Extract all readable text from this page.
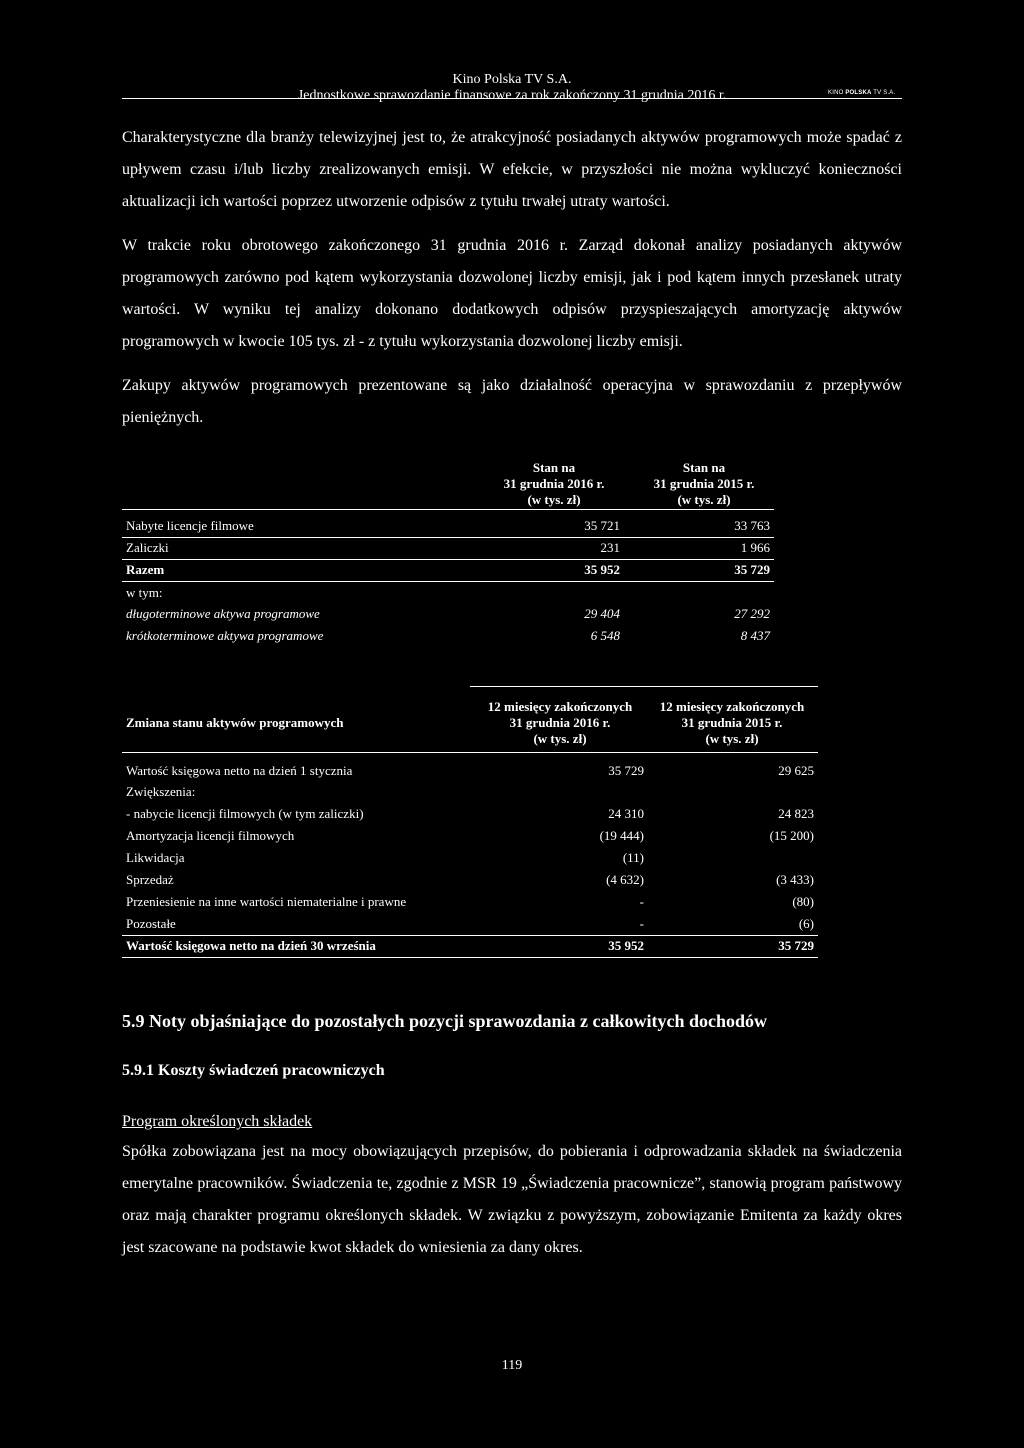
Kino Polska TV S.A.
Jednostkowe sprawozdanie finansowe za rok zakończony 31 grudnia 2016 r.	KINO POLSKA TV S.A.
Charakterystyczne dla branży telewizyjnej jest to, że atrakcyjność posiadanych aktywów programowych może spadać z upływem czasu i/lub liczby zrealizowanych emisji. W efekcie, w przyszłości nie można wykluczyć konieczności aktualizacji ich wartości poprzez utworzenie odpisów z tytułu trwałej utraty wartości.
W trakcie roku obrotowego zakończonego 31 grudnia 2016 r. Zarząd dokonał analizy posiadanych aktywów programowych zarówno pod kątem wykorzystania dozwolonej liczby emisji, jak i pod kątem innych przesłanek utraty wartości. W wyniku tej analizy dokonano dodatkowych odpisów przyspieszających amortyzację aktywów programowych w kwocie 105 tys. zł - z tytułu wykorzystania dozwolonej liczby emisji.
Zakupy aktywów programowych prezentowane są jako działalność operacyjna w sprawozdaniu z przepływów pieniężnych.
Stan na
31 grudnia 2016 r.
(w tys. zł)
Stan na
31 grudnia 2015 r.
(w tys. zł)
Nabyte licencje filmowe	35 721	33 763
Zaliczki	231	1 966
Razem	35 952	35 729
w tym:
długoterminowe aktywa programowe	29 404	27 292
krótkoterminowe aktywa programowe	6 548	8 437
12 miesięcy zakończonych
31 grudnia 2016 r.
(w tys. zł)
12 miesięcy zakończonych
31 grudnia 2015 r.
(w tys. zł)
Zmiana stanu aktywów programowych
Wartość księgowa netto na dzień 1 stycznia	35 729	29 625
Zwiększenia:
- nabycie licencji filmowych (w tym zaliczki)	24 310	24 823
Amortyzacja licencji filmowych	(19 444)	(15 200)
Likwidacja	(11)
Sprzedaż	(4 632)	(3 433)
Przeniesienie na inne wartości niematerialne i prawne	-	(80)
Pozostałe	-	(6)
Wartość księgowa netto na dzień 30 września	35 952	35 729
5.9 Noty objaśniające do pozostałych pozycji sprawozdania z całkowitych dochodów
5.9.1 Koszty świadczeń pracowniczych
Program określonych składek
Spółka zobowiązana jest na mocy obowiązujących przepisów, do pobierania i odprowadzania składek na świadczenia emerytalne pracowników. Świadczenia te, zgodnie z MSR 19 „Świadczenia pracownicze”, stanowią program państwowy oraz mają charakter programu określonych składek. W związku z powyższym, zobowiązanie Emitenta za każdy okres jest szacowane na podstawie kwot składek do wniesienia za dany okres.
119
